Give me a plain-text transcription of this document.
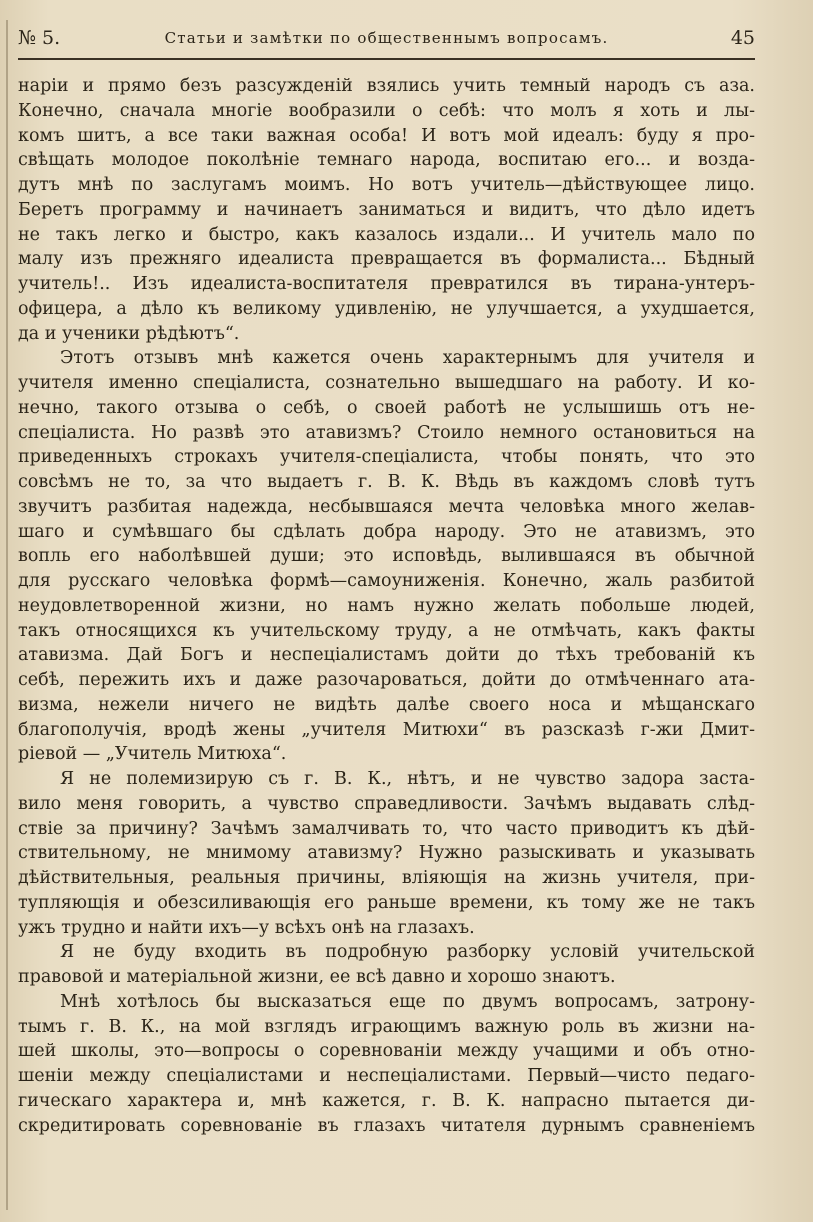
№ 5.	Статьи и замѣтки по общественнымъ вопросамъ.	45
наріи и прямо безъ разсужденій взялись учить темный народъ съ аза.
Конечно, сначала многіе вообразили о себѣ: что молъ я хоть и лы-
комъ шитъ, а все таки важная особа! И вотъ мой идеалъ: буду я про-
свѣщать молодое поколѣніе темнаго народа, воспитаю его... и возда-
дутъ мнѣ по заслугамъ моимъ. Но вотъ учитель—дѣйствующее лицо.
Беретъ программу и начинаетъ заниматься и видитъ, что дѣло идетъ
не такъ легко и быстро, какъ казалось издали... И учитель мало по
малу изъ прежняго идеалиста превращается въ формалиста... Бѣдный
учитель!.. Изъ идеалиста-воспитателя превратился въ тирана-унтеръ-
офицера, а дѣло къ великому удивленію, не улучшается, а ухудшается,
да и ученики рѣдѣютъ“.
Этотъ отзывъ мнѣ кажется очень характернымъ для учителя и
учителя именно спеціалиста, сознательно вышедшаго на работу. И ко-
нечно, такого отзыва о себѣ, о своей работѣ не услышишь отъ не-
спеціалиста. Но развѣ это атавизмъ? Стоило немного остановиться на
приведенныхъ строкахъ учителя-спеціалиста, чтобы понять, что это
совсѣмъ не то, за что выдаетъ г. В. К. Вѣдь въ каждомъ словѣ тутъ
звучитъ разбитая надежда, несбывшаяся мечта человѣка много желав-
шаго и сумѣвшаго бы сдѣлать добра народу. Это не атавизмъ, это
вопль его наболѣвшей души; это исповѣдь, вылившаяся въ обычной
для русскаго человѣка формѣ—самоуниженія. Конечно, жаль разбитой
неудовлетворенной жизни, но намъ нужно желать побольше людей,
такъ относящихся къ учительскому труду, а не отмѣчать, какъ факты
атавизма. Дай Богъ и неспеціалистамъ дойти до тѣхъ требованій къ
себѣ, пережить ихъ и даже разочароваться, дойти до отмѣченнаго ата-
визма, нежели ничего не видѣть далѣе своего носа и мѣщанскаго
благополучія, вродѣ жены „учителя Митюхи“ въ разсказѣ г-жи Дмит-
ріевой — „Учитель Митюха“.
Я не полемизирую съ г. В. К., нѣтъ, и не чувство задора заста-
вило меня говорить, а чувство справедливости. Зачѣмъ выдавать слѣд-
ствіе за причину? Зачѣмъ замалчивать то, что часто приводитъ къ дѣй-
ствительному, не мнимому атавизму? Нужно разыскивать и указывать
дѣйствительныя, реальныя причины, вліяющія на жизнь учителя, при-
тупляющія и обезсиливающія его раньше времени, къ тому же не такъ
ужъ трудно и найти ихъ—у всѣхъ онѣ на глазахъ.
Я не буду входить въ подробную разборку условій учительской
правовой и матеріальной жизни, ее всѣ давно и хорошо знаютъ.
Мнѣ хотѣлось бы высказаться еще по двумъ вопросамъ, затрону-
тымъ г. В. К., на мой взглядъ играющимъ важную роль въ жизни на-
шей школы, это—вопросы о соревнованіи между учащими и объ отно-
шеніи между спеціалистами и неспеціалистами. Первый—чисто педаго-
гическаго характера и, мнѣ кажется, г. В. К. напрасно пытается ди-
скредитировать соревнованіе въ глазахъ читателя дурнымъ сравненіемъ
